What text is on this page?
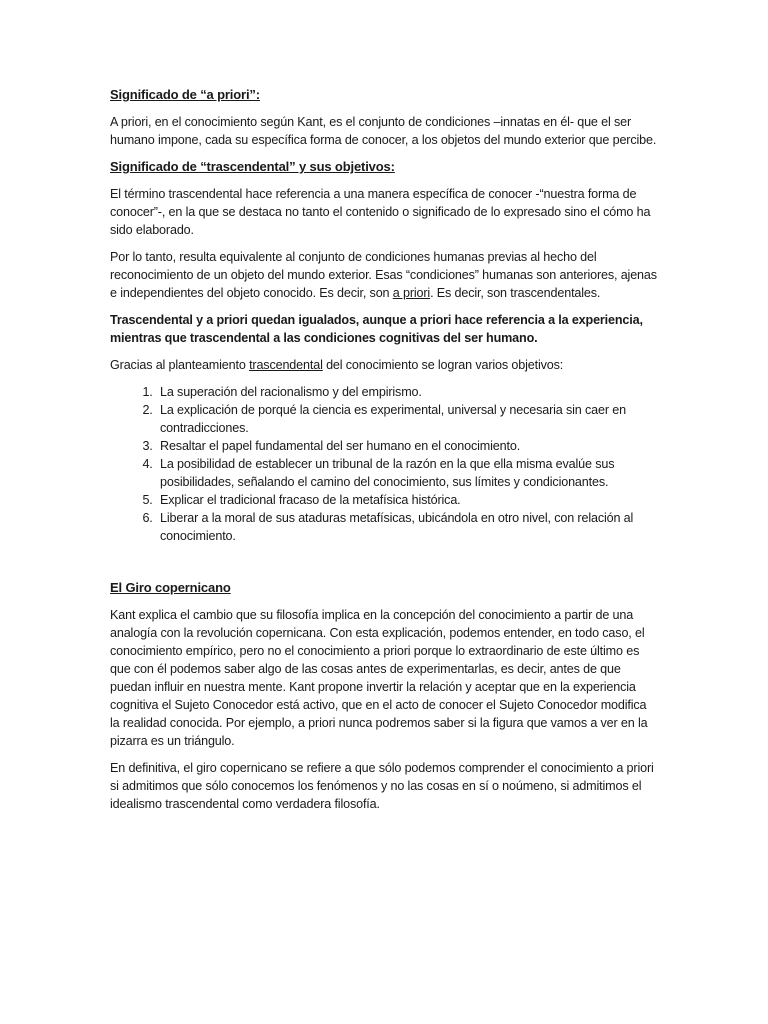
Significado de “a priori”:

A priori, en el conocimiento según Kant, es el conjunto de condiciones –innatas en él- que el ser humano impone, cada su específica forma de conocer, a los objetos del mundo exterior que percibe.

Significado de “trascendental” y sus objetivos:

El término trascendental hace referencia a una manera específica de conocer -“nuestra forma de conocer”-, en la que se destaca no tanto el contenido o significado de lo expresado sino el cómo ha sido elaborado.

Por lo tanto, resulta equivalente al conjunto de condiciones humanas previas al hecho del reconocimiento de un objeto del mundo exterior. Esas “condiciones” humanas son anteriores, ajenas e independientes del objeto conocido. Es decir, son a priori. Es decir, son trascendentales.

Trascendental y a priori quedan igualados, aunque a priori hace referencia a la experiencia, mientras que trascendental a las condiciones cognitivas del ser humano.

Gracias al planteamiento trascendental del conocimiento se logran varios objetivos:

1. La superación del racionalismo y del empirismo.
2. La explicación de porqué la ciencia es experimental, universal y necesaria sin caer en contradicciones.
3. Resaltar el papel fundamental del ser humano en el conocimiento.
4. La posibilidad de establecer un tribunal de la razón en la que ella misma evalúe sus posibilidades, señalando el camino del conocimiento, sus límites y condicionantes.
5. Explicar el tradicional fracaso de la metafísica histórica.
6. Liberar a la moral de sus ataduras metafísicas, ubicándola en otro nivel, con relación al conocimiento.
El Giro copernicano

Kant explica el cambio que su filosofía implica en la concepción del conocimiento a partir de una analogía con la revolución copernicana. Con esta explicación, podemos entender, en todo caso, el conocimiento empírico, pero no el conocimiento a priori porque lo extraordinario de este último es que con él podemos saber algo de las cosas antes de experimentarlas, es decir, antes de que puedan influir en nuestra mente. Kant propone invertir la relación y aceptar que en la experiencia cognitiva el Sujeto Conocedor está activo, que en el acto de conocer el Sujeto Conocedor modifica la realidad conocida. Por ejemplo, a priori nunca podremos saber si la figura que vamos a ver en la pizarra es un triángulo.

En definitiva, el giro copernicano se refiere a que sólo podemos comprender el conocimiento a priori si admitimos que sólo conocemos los fenómenos y no las cosas en sí o noúmeno, si admitimos el idealismo trascendental como verdadera filosofía.
